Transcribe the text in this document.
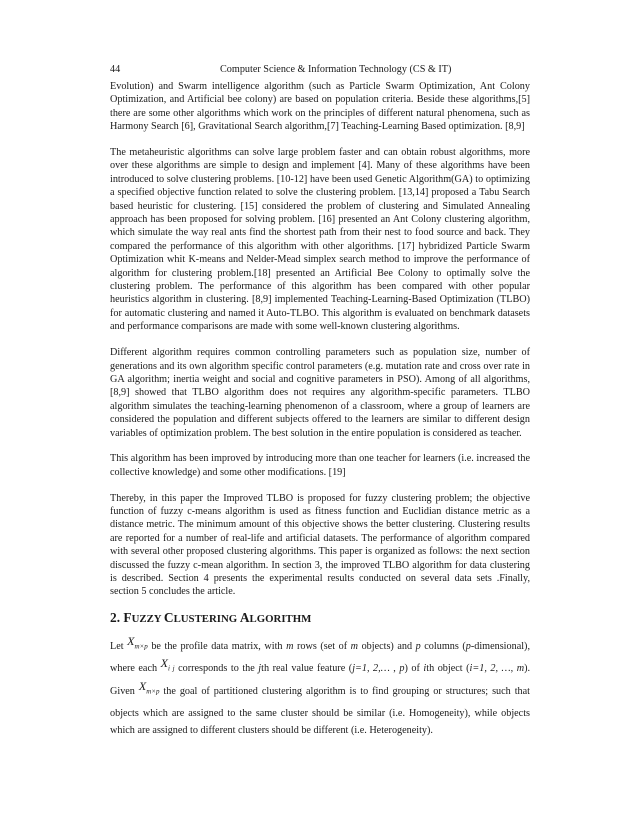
44	Computer Science & Information Technology (CS & IT)

Evolution) and Swarm intelligence algorithm (such as Particle Swarm Optimization, Ant Colony Optimization, and Artificial bee colony) are based on population criteria. Beside these algorithms,[5] there are some other algorithms which work on the principles of different natural phenomena, such as Harmony Search [6], Gravitational Search algorithm,[7] Teaching-Learning Based optimization. [8,9]

The metaheuristic algorithms can solve large problem faster and can obtain robust algorithms, more over these algorithms are simple to design and implement [4]. Many of these algorithms have been introduced to solve clustering problems. [10-12] have been used Genetic Algorithm(GA) to optimizing a specified objective function related to solve the clustering problem. [13,14] proposed a Tabu Search based heuristic for clustering. [15] considered the problem of clustering and Simulated Annealing approach has been proposed for solving problem. [16] presented an Ant Colony clustering algorithm, which simulate the way real ants find the shortest path from their nest to food source and back. They compared the performance of this algorithm with other algorithms. [17] hybridized Particle Swarm Optimization whit K-means and Nelder-Mead simplex search method to improve the performance of algorithm for clustering problem.[18] presented an Artificial Bee Colony to optimally solve the clustering problem. The performance of this algorithm has been compared with other popular heuristics algorithm in clustering. [8,9] implemented Teaching-Learning-Based Optimization (TLBO) for automatic clustering and named it Auto-TLBO. This algorithm is evaluated on benchmark datasets and performance comparisons are made with some well-known clustering algorithms.

Different algorithm requires common controlling parameters such as population size, number of generations and its own algorithm specific control parameters (e.g. mutation rate and cross over rate in GA algorithm; inertia weight and social and cognitive parameters in PSO). Among of all algorithms, [8,9] showed that TLBO algorithm does not requires any algorithm-specific parameters. TLBO algorithm simulates the teaching-learning phenomenon of a classroom, where a group of learners are considered the population and different subjects offered to the learners are similar to different design variables of optimization problem. The best solution in the entire population is considered as teacher.

This algorithm has been improved by introducing more than one teacher for learners (i.e. increased the collective knowledge) and some other modifications. [19]

Thereby, in this paper the Improved TLBO is proposed for fuzzy clustering problem; the objective function of fuzzy c-means algorithm is used as fitness function and Euclidian distance metric as a distance metric. The minimum amount of this objective shows the better clustering. Clustering results are reported for a number of real-life and artificial datasets. The performance of algorithm compared with several other proposed clustering algorithms. This paper is organized as follows: the next section discussed the fuzzy c-mean algorithm. In section 3, the improved TLBO algorithm for data clustering is described. Section 4 presents the experimental results conducted on several data sets .Finally, section 5 concludes the article.

2. FUZZY CLUSTERING ALGORITHM

Let $X_{m\times p}$ be the profile data matrix, with m rows (set of m objects) and p columns (p-dimensional), where each $X_{i j}$ corresponds to the jth real value feature (j=1, 2,… , p) of ith object (i=1, 2, …, m). Given $X_{m\times p}$ the goal of partitioned clustering algorithm is to find grouping or structures; such that objects which are assigned to the same cluster should be similar (i.e. Homogeneity), while objects which are assigned to different clusters should be different (i.e. Heterogeneity).
